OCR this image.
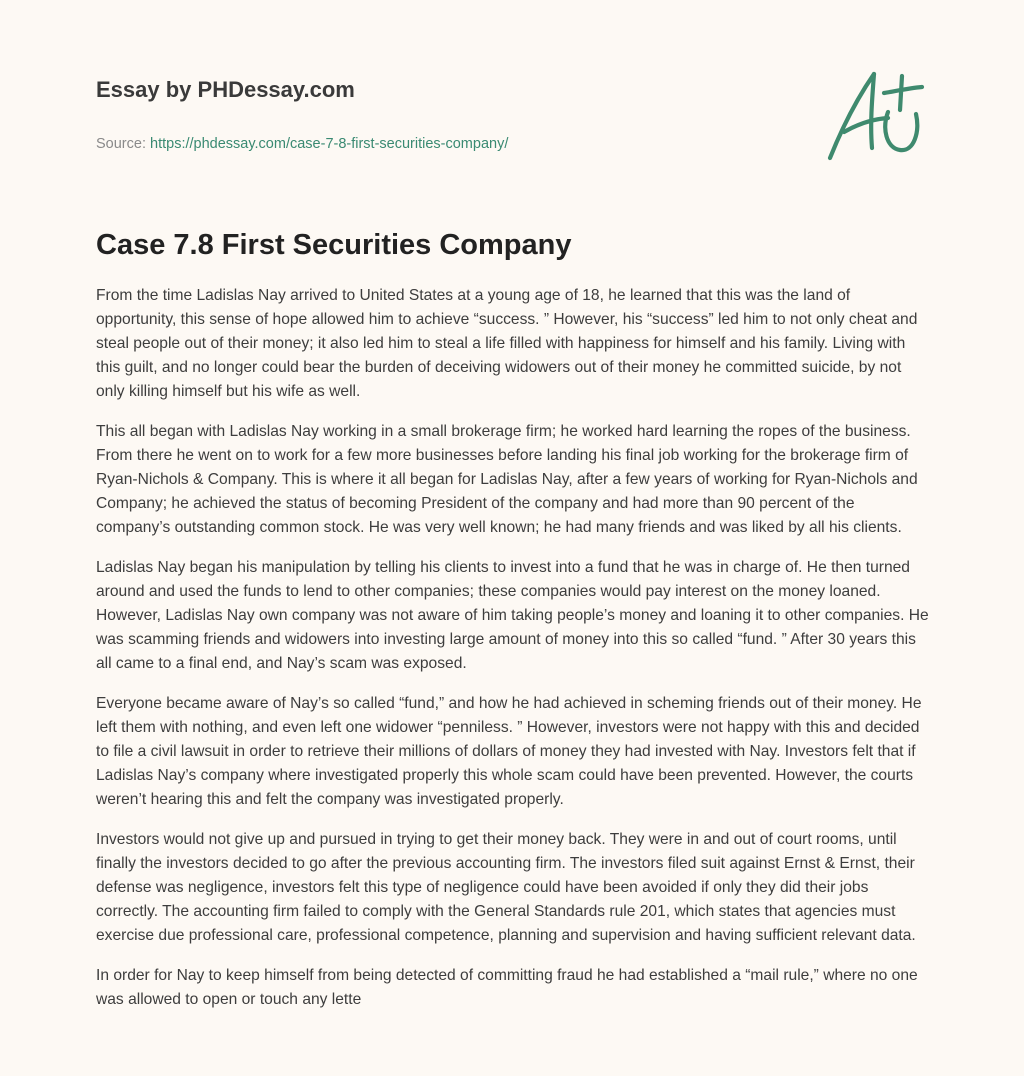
Essay by PHDessay.com
Source: https://phdessay.com/case-7-8-first-securities-company/
Case 7.8 First Securities Company

From the time Ladislas Nay arrived to United States at a young age of 18, he learned that this was the land of opportunity, this sense of hope allowed him to achieve “success. ” However, his “success” led him to not only cheat and steal people out of their money; it also led him to steal a life filled with happiness for himself and his family. Living with this guilt, and no longer could bear the burden of deceiving widowers out of their money he committed suicide, by not only killing himself but his wife as well.

This all began with Ladislas Nay working in a small brokerage firm; he worked hard learning the ropes of the business. From there he went on to work for a few more businesses before landing his final job working for the brokerage firm of Ryan-Nichols & Company. This is where it all began for Ladislas Nay, after a few years of working for Ryan-Nichols and Company; he achieved the status of becoming President of the company and had more than 90 percent of the company’s outstanding common stock. He was very well known; he had many friends and was liked by all his clients.

Ladislas Nay began his manipulation by telling his clients to invest into a fund that he was in charge of. He then turned around and used the funds to lend to other companies; these companies would pay interest on the money loaned. However, Ladislas Nay own company was not aware of him taking people’s money and loaning it to other companies. He was scamming friends and widowers into investing large amount of money into this so called “fund. ” After 30 years this all came to a final end, and Nay’s scam was exposed.

Everyone became aware of Nay’s so called “fund,” and how he had achieved in scheming friends out of their money. He left them with nothing, and even left one widower “penniless. ” However, investors were not happy with this and decided to file a civil lawsuit in order to retrieve their millions of dollars of money they had invested with Nay. Investors felt that if Ladislas Nay’s company where investigated properly this whole scam could have been prevented. However, the courts weren’t hearing this and felt the company was investigated properly.

Investors would not give up and pursued in trying to get their money back. They were in and out of court rooms, until finally the investors decided to go after the previous accounting firm. The investors filed suit against Ernst & Ernst, their defense was negligence, investors felt this type of negligence could have been avoided if only they did their jobs correctly. The accounting firm failed to comply with the General Standards rule 201, which states that agencies must exercise due professional care, professional competence, planning and supervision and having sufficient relevant data.

In order for Nay to keep himself from being detected of committing fraud he had established a “mail rule,” where no one was allowed to open or touch any lette
